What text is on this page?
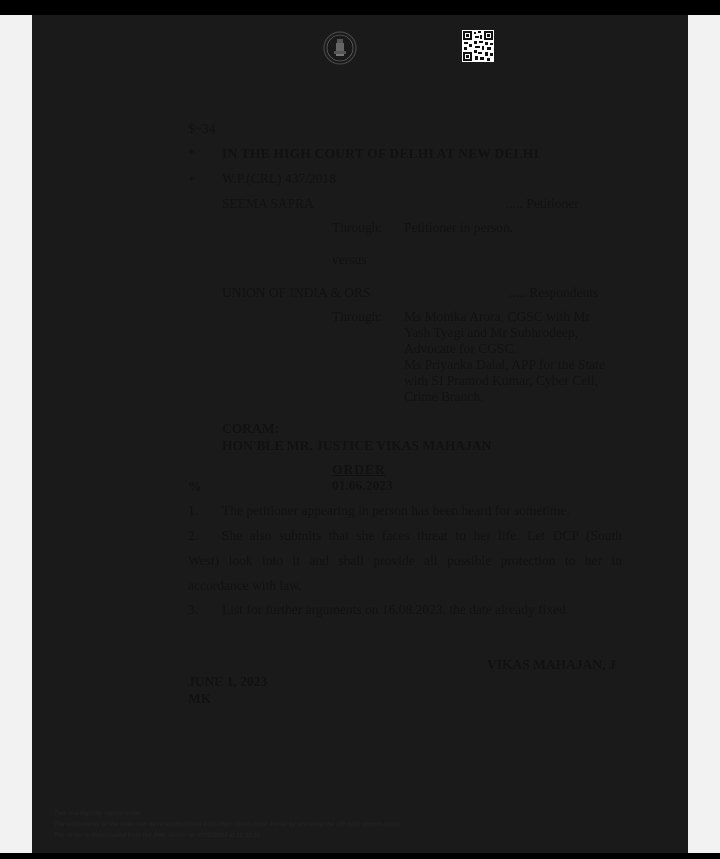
$~34
* IN THE HIGH COURT OF DELHI AT NEW DELHI
+ W.P.(CRL) 437/2018
SEEMA SAPRA	..... Petitioner
Through: Petitioner in person.
versus
UNION OF INDIA & ORS	..... Respondents
Through: Ms Monika Arora, CGSC with Mr
Yash Tyagi and Mr Subhrodeep,
Advocate for CGSC.
Ms Priyanka Dalal, APP for the State
with SI Pramod Kumar, Cyber Cell,
Crime Branch.
CORAM:
HON'BLE MR. JUSTICE VIKAS MAHAJAN
ORDER
%	01.06.2023
1. The petitioner appearing in person has been heard for sometime.
2. She also submits that she faces threat to her life. Let DCP (South
West) look into it and shall provide all possible protection to her in
accordance with law.
3. List for further arguments on 16.08.2023, the date already fixed.
VIKAS MAHAJAN, J
JUNE 1, 2023
MK
This is a digitally signed order.
The authenticity of the order can be re-verified from Delhi High Court Order Portal by scanning the QR code shown above.
The Order is downloaded from the DHC Server on 03/02/2024 at 10:39:31
